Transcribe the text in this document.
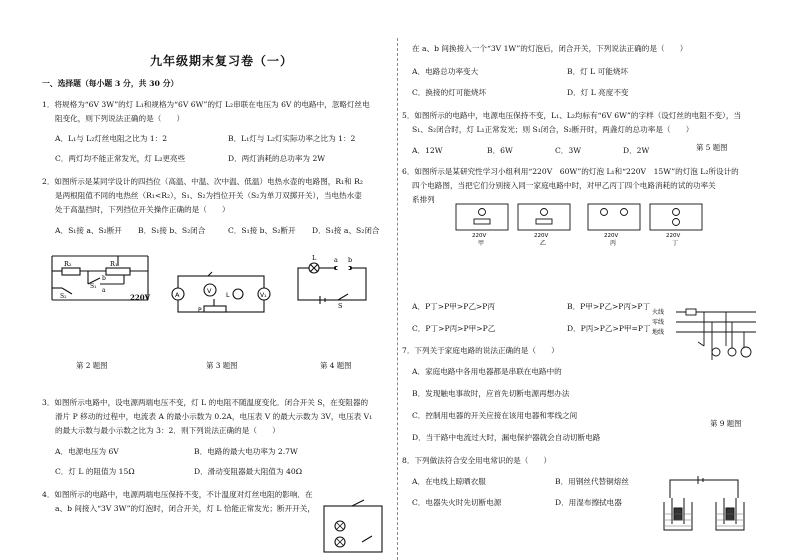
九年级期末复习卷（一）
一、选择题（每小题 3 分，共 30 分）
1．将规格为“6V 3W”的灯 L₁和规格为“6V 6W”的灯 L₂串联在电压为 6V 的电路中，忽略灯丝电
阻变化，则下列说法正确的是（　　）
A．L₁与 L₂灯丝电阻之比为 1：2	B．L₁灯与 L₂灯实际功率之比为 1：2
C．两灯均不能正常发光，灯 L₂更亮些	D．两灯消耗的总功率为 2W
2．如图所示是某同学设计的四挡位（高温、中温、次中温、低温）电热水壶的电路图，R₁和 R₂
是两根阻值不同的电热丝（R₁<R₂），S₁、S₂为挡位开关（S₂为单刀双掷开关），当电热水壶
处于高温挡时，下列挡位开关操作正确的是（　　）
A．S₁接 a、S₂断开 B．S₁接 b、S₂闭合	C．S₁接 b、S₂断开 D．S₁接 a、S₂闭合
R₂	R₁
S₁
b
a
S₂	220V	A	V L	V₁
P
L	a b
S
第 2 题图	第 3 题图	第 4 题图
3．如图所示电路中，设电源两端电压不变，灯 L 的电阻不随温度变化．闭合开关 S，在变阻器的
滑片 P 移动的过程中，电流表 A 的最小示数为 0.2A，电压表 V 的最大示数为 3V，电压表 V₁
的最大示数与最小示数之比为 3：2．则下列说法正确的是（　　）
A．电源电压为 6V	B．电路的最大电功率为 2.7W
C．灯 L 的阻值为 15Ω	D．滑动变阻器最大阻值为 40Ω
4．如图所示的电路中，电源两端电压保持不变，不计温度对灯丝电阻的影响．在
a、b 间接入“3V 3W”的灯泡时，闭合开关，灯 L 恰能正常发光；断开开关，
在 a、b 间换接入一个“3V 1W”的灯泡后，闭合开关，下列说法正确的是（　　）
A．电路总功率变大	B．灯 L 可能烧坏
C．换接的灯可能烧坏	D．灯 L 亮度不变
5．如图所示的电路中，电源电压保持不变，L₁、L₂均标有“6V 6W”的字样（设灯丝的电阻不变），当
S₁、S₂闭合时，灯 L₁正常发光；则 S₁闭合，S₂断开时，两盏灯的总功率是（　　）
A．12W	B．6W	C．3W	D．2W	第 5 题图
6．如图所示是某研究性学习小组利用“220V　60W”的灯泡 L₁和“220V　15W”的灯泡 L₂所设计的
四个电路图，当把它们分别接入同一家庭电路中时，对甲乙丙丁四个电路消耗的试的功率关
系排列
220V
甲
220V
乙
220V
丙
220V
丁
A．P丁>P甲>P乙>P丙	B．P甲>P乙>P丙>P丁
C．P丁>P丙>P甲>P乙	D．P丙>P乙>P甲=P丁
火线
零线
地线
7．下列关于家庭电路的说法正确的是（　　）
A．家庭电路中各用电器都是串联在电路中的
B．发现触电事故时，应首先切断电源再想办法
C．控制用电器的开关应接在该用电器和零线之间
D．当干路中电流过大时，漏电保护器就会自动切断电路
第 9 题图
8．下列做法符合安全用电常识的是（　　）
A．在电线上晾晒衣服	B．用钢丝代替铜熔丝
C．电器失火时先切断电源	D．用湿布擦拭电器
